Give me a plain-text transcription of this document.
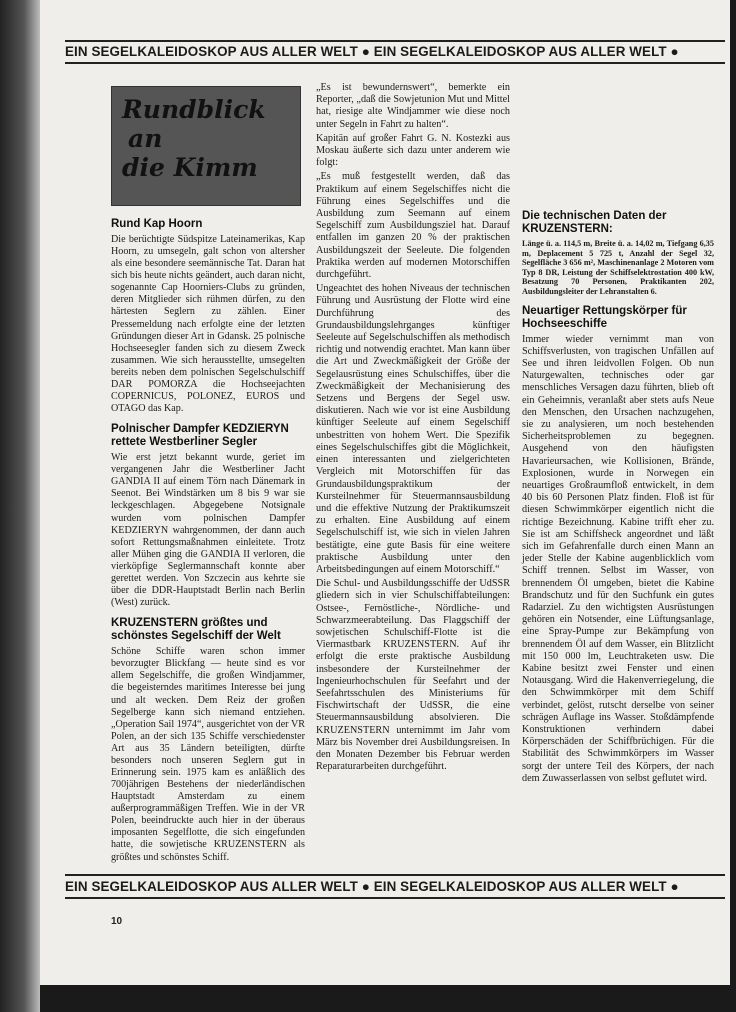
EIN SEGELKALEIDOSKOP AUS ALLER WELT ● EIN SEGELKALEIDOSKOP AUS ALLER WELT ●
Rundblick
an
die Kimm
Rund Kap Hoorn

Die berüchtigte Südspitze Lateinamerikas, Kap Hoorn, zu umsegeln, galt schon von altersher als eine besondere seemännische Tat. Daran hat sich bis heute nichts geändert, auch daran nicht, sogenannte Cap Hoorniers-Clubs zu gründen, deren Mitglieder sich rühmen dürfen, zu den härtesten Seglern zu zählen. Einer Pressemeldung nach erfolgte eine der letzten Gründungen dieser Art in Gdansk. 25 polnische Hochseesegler fanden sich zu diesem Zweck zusammen. Wie sich herausstellte, umsegelten bereits neben dem polnischen Segelschulschiff DAR POMORZA die Hochseejachten COPERNICUS, POLONEZ, EUROS und OTAGO das Kap.

Polnischer Dampfer KEDZIERYN rettete Westberliner Segler

Wie erst jetzt bekannt wurde, geriet im vergangenen Jahr die Westberliner Jacht GANDIA II auf einem Törn nach Dänemark in Seenot. Bei Windstärken um 8 bis 9 war sie leckgeschlagen. Abgegebene Notsignale wurden vom polnischen Dampfer KEDZIERYN wahrgenommen, der dann auch sofort Rettungsmaßnahmen einleitete. Trotz aller Mühen ging die GANDIA II verloren, die vierköpfige Seglermannschaft konnte aber gerettet werden. Von Szczecin aus kehrte sie über die DDR-Hauptstadt Berlin nach Berlin (West) zurück.

KRUZENSTERN größtes und schönstes Segelschiff der Welt

Schöne Schiffe waren schon immer bevorzugter Blickfang — heute sind es vor allem Segelschiffe, die großen Windjammer, die begeisterndes maritimes Interesse bei jung und alt wecken. Dem Reiz der großen Segelberge kann sich niemand entziehen. „Operation Sail 1974“, ausgerichtet von der VR Polen, an der sich 135 Schiffe verschiedenster Art aus 35 Ländern beteiligten, dürfte besonders noch unseren Seglern gut in Erinnerung sein. 1975 kam es anläßlich des 700jährigen Bestehens der niederländischen Hauptstadt Amsterdam zu einem außerprogrammäßigen Treffen. Wie in der VR Polen, beeindruckte auch hier in der überaus imposanten Segelflotte, die sich eingefunden hatte, die sowjetische KRUZENSTERN als größtes und schönstes Schiff.

„Es ist bewundernswert“, bemerkte ein Reporter, „daß die Sowjetunion Mut und Mittel hat, riesige alte Windjammer wie diese noch unter Segeln in Fahrt zu halten“.

Kapitän auf großer Fahrt G. N. Kostezki aus Moskau äußerte sich dazu unter anderem wie folgt:

„Es muß festgestellt werden, daß das Praktikum auf einem Segelschiffes nicht die Führung eines Segelschiffes und die Ausbildung zum Seemann auf einem Segelschiff zum Ausbildungsziel hat. Darauf entfallen im ganzen 20 % der praktischen Ausbildungszeit der Seeleute. Die folgenden Praktika werden auf modernen Motorschiffen durchgeführt.

Ungeachtet des hohen Niveaus der technischen Führung und Ausrüstung der Flotte wird eine Durchführung des Grundausbildungslehrganges künftiger Seeleute auf Segelschulschiffen als methodisch richtig und notwendig erachtet. Man kann über die Art und Zweckmäßigkeit der Größe der Segelausrüstung eines Schulschiffes, über die Zweckmäßigkeit der Mechanisierung des Setzens und Bergens der Segel usw. diskutieren. Nach wie vor ist eine Ausbildung künftiger Seeleute auf einem Segelschiff unbestritten von hohem Wert. Die Spezifik eines Segelschulschiffes gibt die Möglichkeit, einen interessanten und zielgerichteten Vergleich mit Motorschiffen für das Grundausbildungspraktikum der Kursteilnehmer für Steuermannsausbildung und die effektive Nutzung der Praktikumszeit zu erhalten. Eine Ausbildung auf einem Segelschulschiff ist, wie sich in vielen Jahren bestätigte, eine gute Basis für eine weitere praktische Ausbildung unter den Arbeitsbedingungen auf einem Motorschiff.“

Die Schul- und Ausbildungsschiffe der UdSSR gliedern sich in vier Schulschiffabteilungen: Ostsee-, Fernöstliche-, Nördliche- und Schwarzmeerabteilung. Das Flaggschiff der sowjetischen Schulschiff-Flotte ist die Viermastbark KRUZENSTERN. Auf ihr erfolgt die erste praktische Ausbildung insbesondere der Kursteilnehmer der Ingenieurhochschulen für Seefahrt und der Seefahrtsschulen des Ministeriums für Fischwirtschaft der UdSSR, die eine Steuermannsausbildung absolvieren. Die KRUZENSTERN unternimmt im Jahr vom März bis November drei Ausbildungsreisen. In den Monaten Dezember bis Februar werden Reparaturarbeiten durchgeführt.

Die technischen Daten der KRUZENSTERN:

Länge ü. a. 114,5 m, Breite ü. a. 14,02 m, Tiefgang 6,35 m, Deplacement 5 725 t, Anzahl der Segel 32, Segelfläche 3 656 m², Maschinenanlage 2 Motoren vom Typ 8 DR, Leistung der Schiffselektrostation 400 kW, Besatzung 70 Personen, Praktikanten 202, Ausbildungsleiter der Lehranstalten 6.

Neuartiger Rettungskörper für Hochseeschiffe

Immer wieder vernimmt man von Schiffsverlusten, von tragischen Unfällen auf See und ihren leidvollen Folgen. Ob nun Naturgewalten, technisches oder gar menschliches Versagen dazu führten, blieb oft ein Geheimnis, veranlaßt aber stets aufs Neue den Menschen, den Ursachen nachzugehen, sie zu analysieren, um noch bestehenden Sicherheitsproblemen zu begegnen. Ausgehend von den häufigsten Havarieursachen, wie Kollisionen, Brände, Explosionen, wurde in Norwegen ein neuartiges Großraumfloß entwickelt, in dem 40 bis 60 Personen Platz finden. Floß ist für diesen Schwimmkörper eigentlich nicht die richtige Bezeichnung. Kabine trifft eher zu. Sie ist am Schiffsheck angeordnet und läßt sich im Gefahrenfalle durch einen Mann an jeder Stelle der Kabine augenblicklich vom Schiff trennen. Selbst im Wasser, von brennendem Öl umgeben, bietet die Kabine Brandschutz und für den Suchfunk ein gutes Radarziel. Zu den wichtigsten Ausrüstungen gehören ein Notsender, eine Lüftungsanlage, eine Spray-Pumpe zur Bekämpfung von brennendem Öl auf dem Wasser, ein Blitzlicht mit 150 000 lm, Leuchtraketen usw. Die Kabine besitzt zwei Fenster und einen Notausgang. Wird die Hakenverriegelung, die den Schwimmkörper mit dem Schiff verbindet, gelöst, rutscht derselbe von seiner schrägen Auflage ins Wasser. Stoßdämpfende Konstruktionen verhindern dabei Körperschäden der Schiffbrüchigen. Für die Stabilität des Schwimmkörpers im Wasser sorgt der untere Teil des Körpers, der nach dem Zuwasserlassen von selbst geflutet wird.

EIN SEGELKALEIDOSKOP AUS ALLER WELT ● EIN SEGELKALEIDOSKOP AUS ALLER WELT ●
10
